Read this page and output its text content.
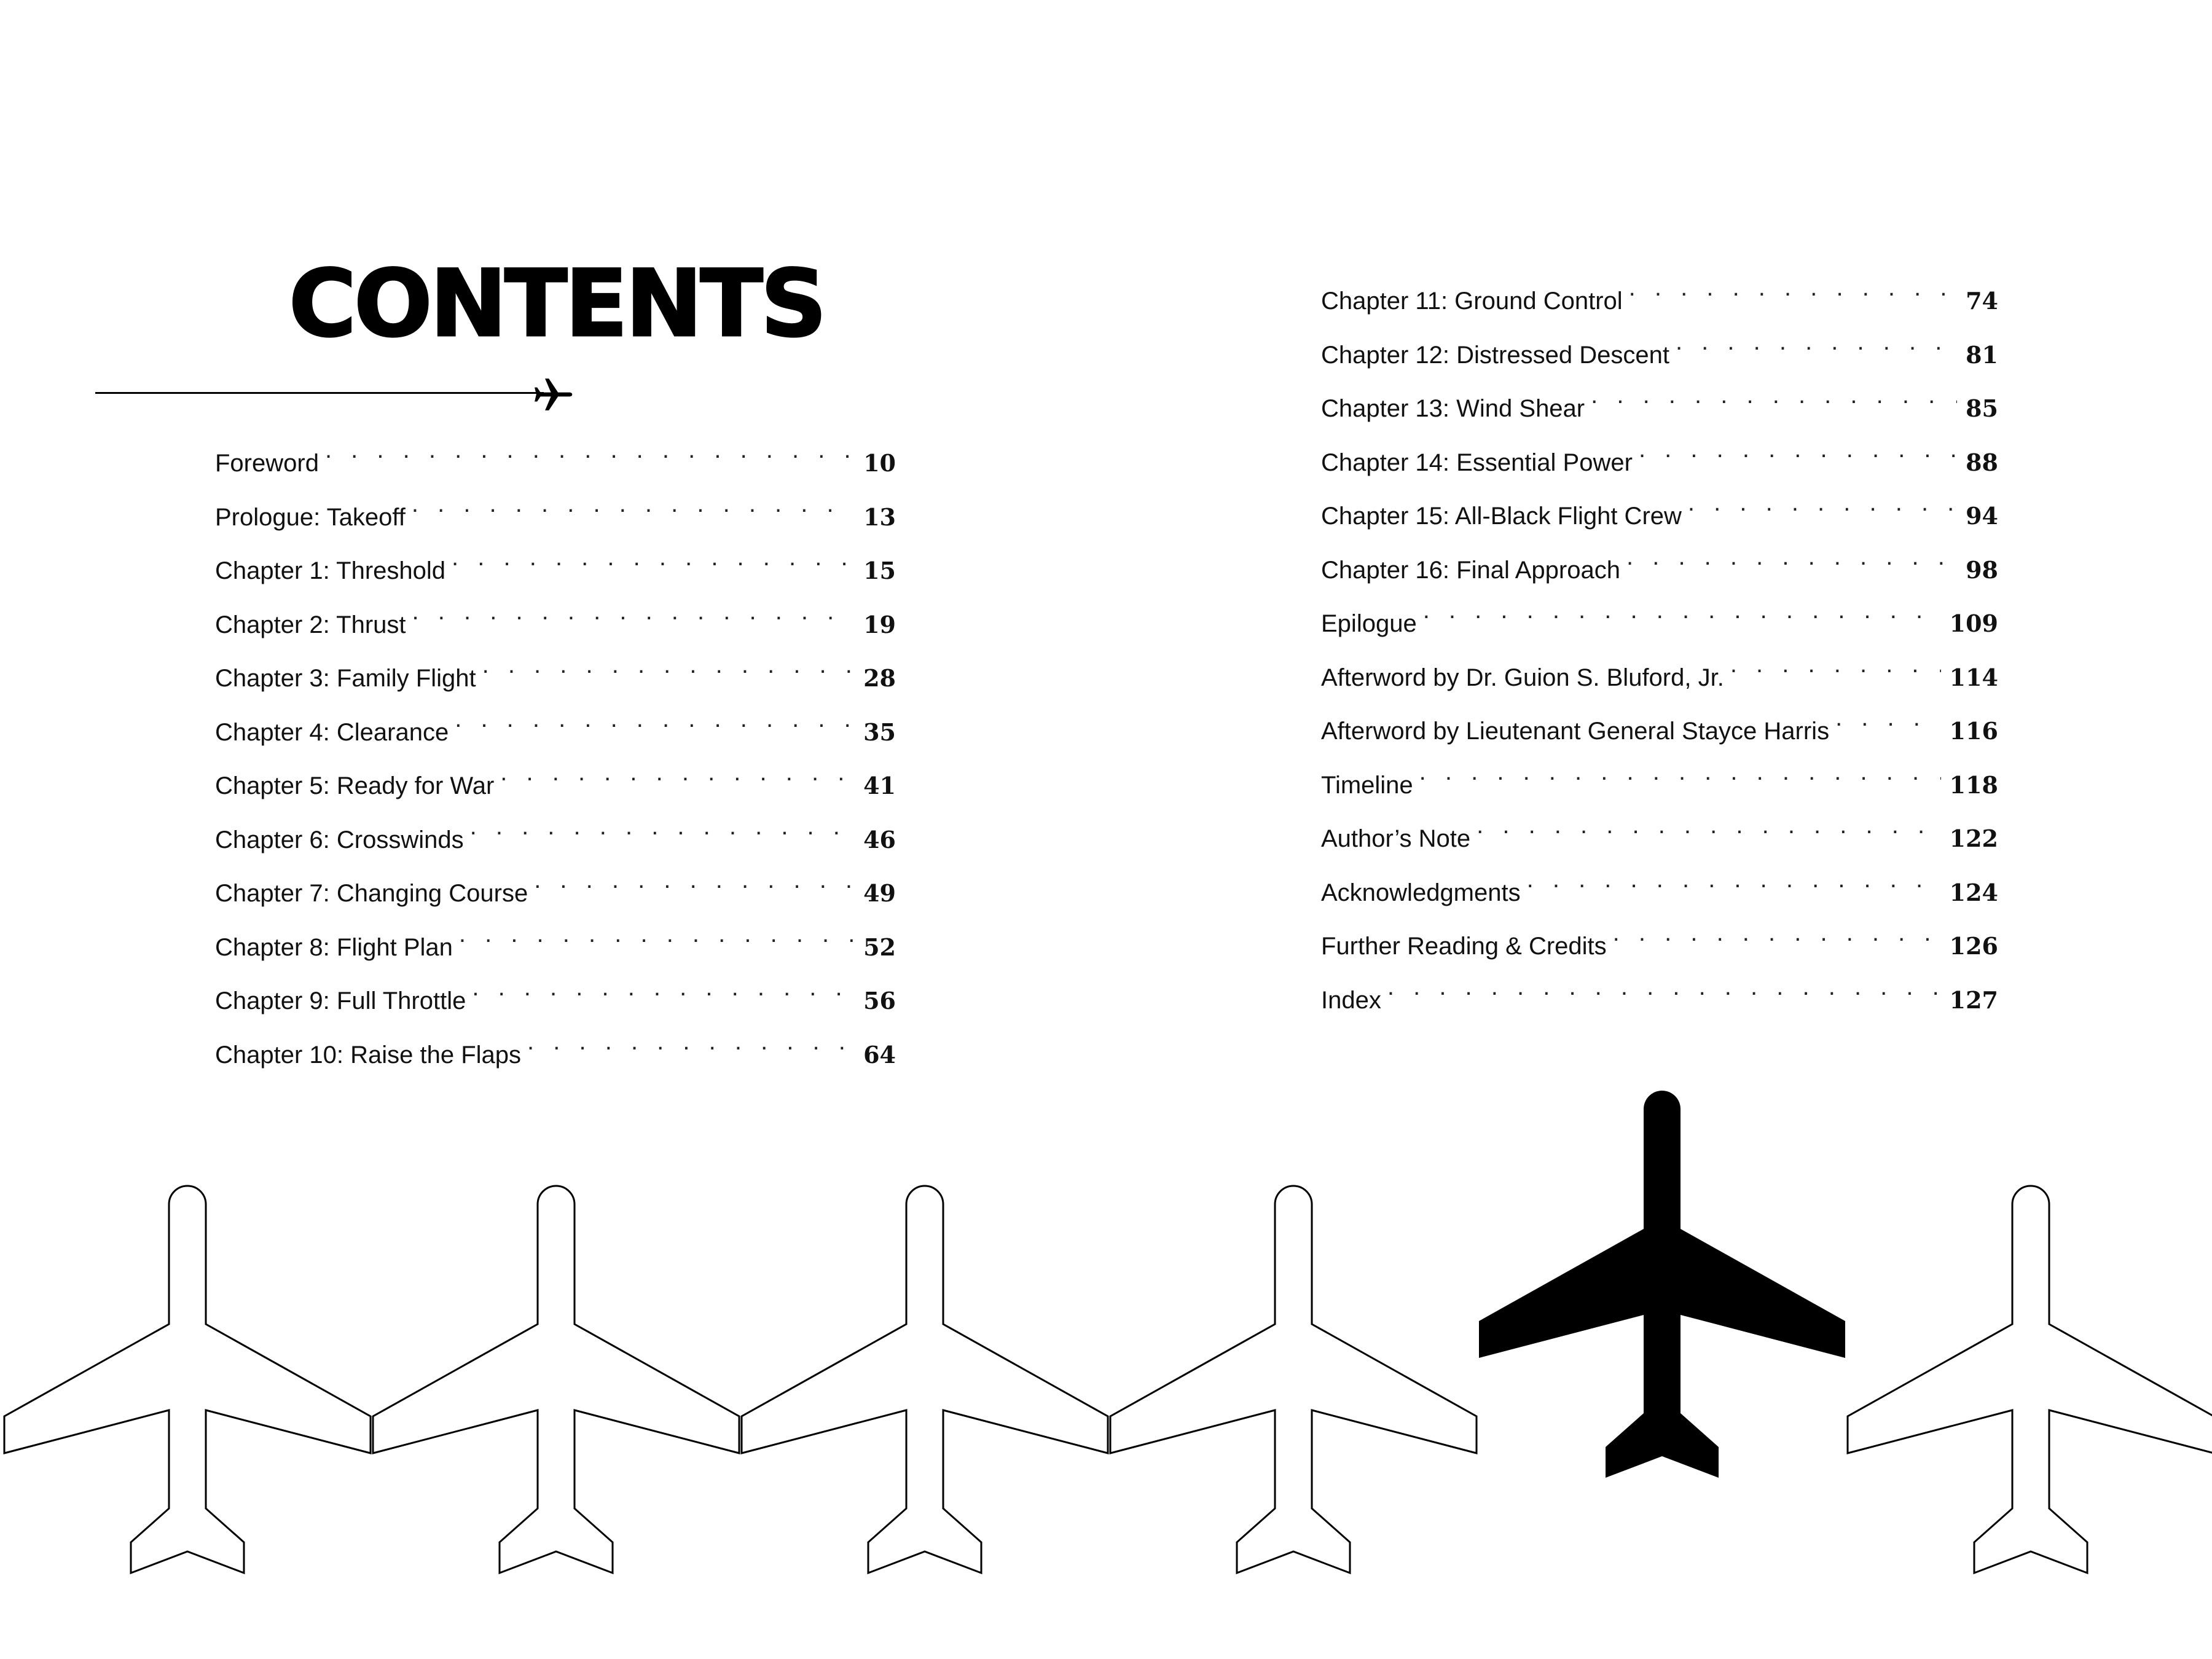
CONTENTS
Foreword . . .	10
Prologue: Takeoff . . .	13
Chapter 1: Threshold . . .	15
Chapter 2: Thrust . . .	19
Chapter 3: Family Flight . . .	28
Chapter 4: Clearance . . .	35
Chapter 5: Ready for War . . .	41
Chapter 6: Crosswinds . . .	46
Chapter 7: Changing Course . . .	49
Chapter 8: Flight Plan . . .	52
Chapter 9: Full Throttle . . .	56
Chapter 10: Raise the Flaps . . .	64
Chapter 11: Ground Control . . .	74
Chapter 12: Distressed Descent . . .	81
Chapter 13: Wind Shear . . .	85
Chapter 14: Essential Power . . .	88
Chapter 15: All-Black Flight Crew . . .	94
Chapter 16: Final Approach . . .	98
Epilogue . . .	109
Afterword by Dr. Guion S. Bluford, Jr. . . .	114
Afterword by Lieutenant General Stayce Harris . . .	116
Timeline . . .	118
Author’s Note . . .	122
Acknowledgments . . .	124
Further Reading & Credits . . .	126
Index . . .	127
